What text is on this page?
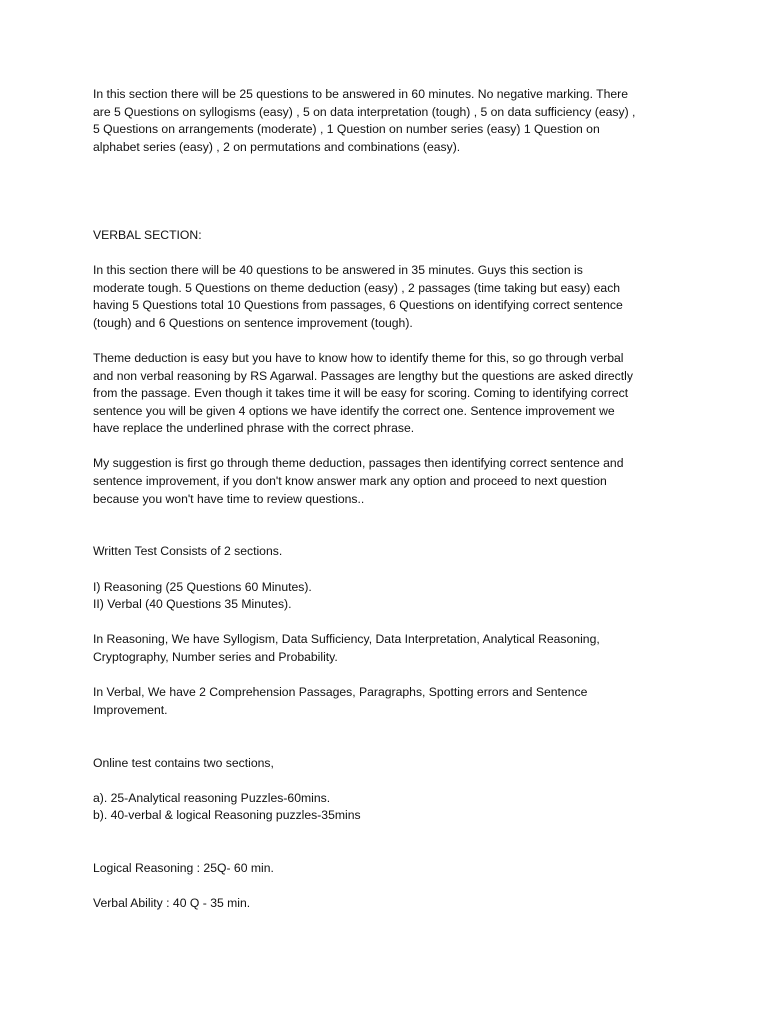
In this section there will be 25 questions to be answered in 60 minutes. No negative marking. There
are 5 Questions on syllogisms (easy) , 5 on data interpretation (tough) , 5 on data sufficiency (easy) ,
5 Questions on arrangements (moderate) , 1 Question on number series (easy) 1 Question on
alphabet series (easy) , 2 on permutations and combinations (easy).

VERBAL SECTION:

In this section there will be 40 questions to be answered in 35 minutes. Guys this section is
moderate tough. 5 Questions on theme deduction (easy) , 2 passages (time taking but easy) each
having 5 Questions total 10 Questions from passages, 6 Questions on identifying correct sentence
(tough) and 6 Questions on sentence improvement (tough).

Theme deduction is easy but you have to know how to identify theme for this, so go through verbal
and non verbal reasoning by RS Agarwal. Passages are lengthy but the questions are asked directly
from the passage. Even though it takes time it will be easy for scoring. Coming to identifying correct
sentence you will be given 4 options we have identify the correct one. Sentence improvement we
have replace the underlined phrase with the correct phrase.

My suggestion is first go through theme deduction, passages then identifying correct sentence and
sentence improvement, if you don't know answer mark any option and proceed to next question
because you won't have time to review questions..

Written Test Consists of 2 sections.

I) Reasoning (25 Questions 60 Minutes).
II) Verbal (40 Questions 35 Minutes).

In Reasoning, We have Syllogism, Data Sufficiency, Data Interpretation, Analytical Reasoning,
Cryptography, Number series and Probability.

In Verbal, We have 2 Comprehension Passages, Paragraphs, Spotting errors and Sentence
Improvement.

Online test contains two sections,

a). 25-Analytical reasoning Puzzles-60mins.
b). 40-verbal & logical Reasoning puzzles-35mins

Logical Reasoning : 25Q- 60 min.

Verbal Ability : 40 Q - 35 min.
